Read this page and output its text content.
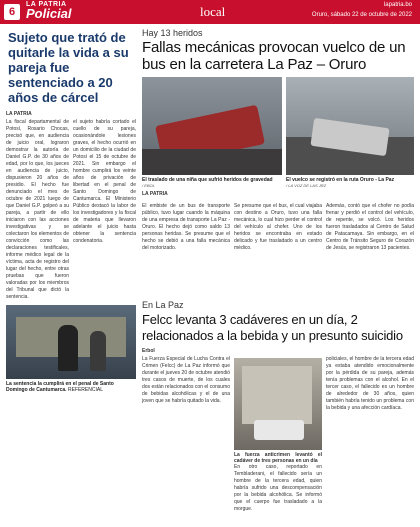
6
LA PATRIA
Policial	local	lapatria.bo
Oruro, sábado 22 de octubre de 2022
Sujeto que trató de quitarle la vida a su pareja fue sentenciado a 20 años de cárcel
LA PATRIA
La fiscal departamental de Potosí, Rosario Chocas, precisó que, en audiencia de juicio oral, lograron demostrar la autoría de Daniel G.P. de 30 años de edad, por lo que, los jueces en audiencia de juicio, dispusieron 20 años de presidio. El hecho fue denunciado el mes de octubre de 2021 luego de que Daniel G.P. golpeó a su pareja, a partir de ello iniciaron con las acciones investigativas y se colectaron los elementos de convicción como las declaraciones testificales, informe médico legal de la víctima, acta de registro del lugar del hecho, entre otras pruebas que fueron valoradas por los miembros del Tribunal que dictó la sentencia.
el sujeto habría cortado el cuello de su pareja, ocasionándole lesiones graves, el hecho ocurrió en un domicilio de la ciudad de Potosí el 15 de octubre de 2021. Sin embargo el hombre cumplirá los veinte años de privación de libertad en el penal de Santo Domingo de Cantumarca. El Ministerio Público destacó la labor de los investigadores y la fiscal de materia que llevaron adelante el juicio hasta obtener la sentencia condenatoria.
La sentencia la cumplirá en el penal de Santo Domingo de Cantumarca. REFERENCIAL
Hay 13 heridos
Fallas mecánicas provocan vuelco de un bus en la carretera La Paz – Oruro
El traslado de una niña que sufrió heridos de gravedad
/ EBOL
El vuelco se registró en la ruta Oruro - La Paz
/ LA VOZ DE LAS JRZ
LA PATRIA
El embiste de un bus de transporte público, tuvo lugar cuando la máquina de una empresa de transporte La Paz - Oruro. El hecho dejó como saldo 13 personas heridas. Se presume que el hecho se debió a una falla mecánica del motorizado.
Se presume que el bus, el cual viajaba con destino a Oruro, tuvo una falla mecánica, lo cual hizo perder el control del vehículo al chofer. Uno de los heridos se encontraba en estado delicado y fue trasladado a un centro médico.
Además, contó que el chofer no podía frenar y perdió el control del vehículo, de repente, se volcó. Los heridos fueron trasladados al Centro de Salud de Patacamaya. Sin embargo, en el Centro de Tránsito Seguro de Corazón de Jesús, se registraron 13 pacientes.
En La Paz
Felcc levanta 3 cadáveres en un día, 2 relacionados a la bebida y un presunto suicidio
Erbol
La Fuerza Especial de Lucha Contra el Crimen (Felcc) de La Paz informó que durante el jueves 20 de octubre atendió tres casos de muerte, de los cuales dos están relacionados con el consumo de bebidas alcohólicas y el de una joven que se habría quitado la vida.
La fuerza anticrimen levantó el cadáver de tres personas en un día
En otro caso, reportado en Tembladerani, el fallecido sería un hombre de la tercera edad, quien habría sufrido una descompensación por la bebida alcohólica. Se informó que el cuerpo fue trasladado a la morgue.
policiales, el hombre de la tercera edad ya estaba atendido emocionalmente por la pérdida de su pareja, además tenía problemas con el alcohol. En el tercer caso, el fallecido es un hombre de alrededor de 30 años, quien también habría tenido un problema con la bebida y una afección cardíaca.
